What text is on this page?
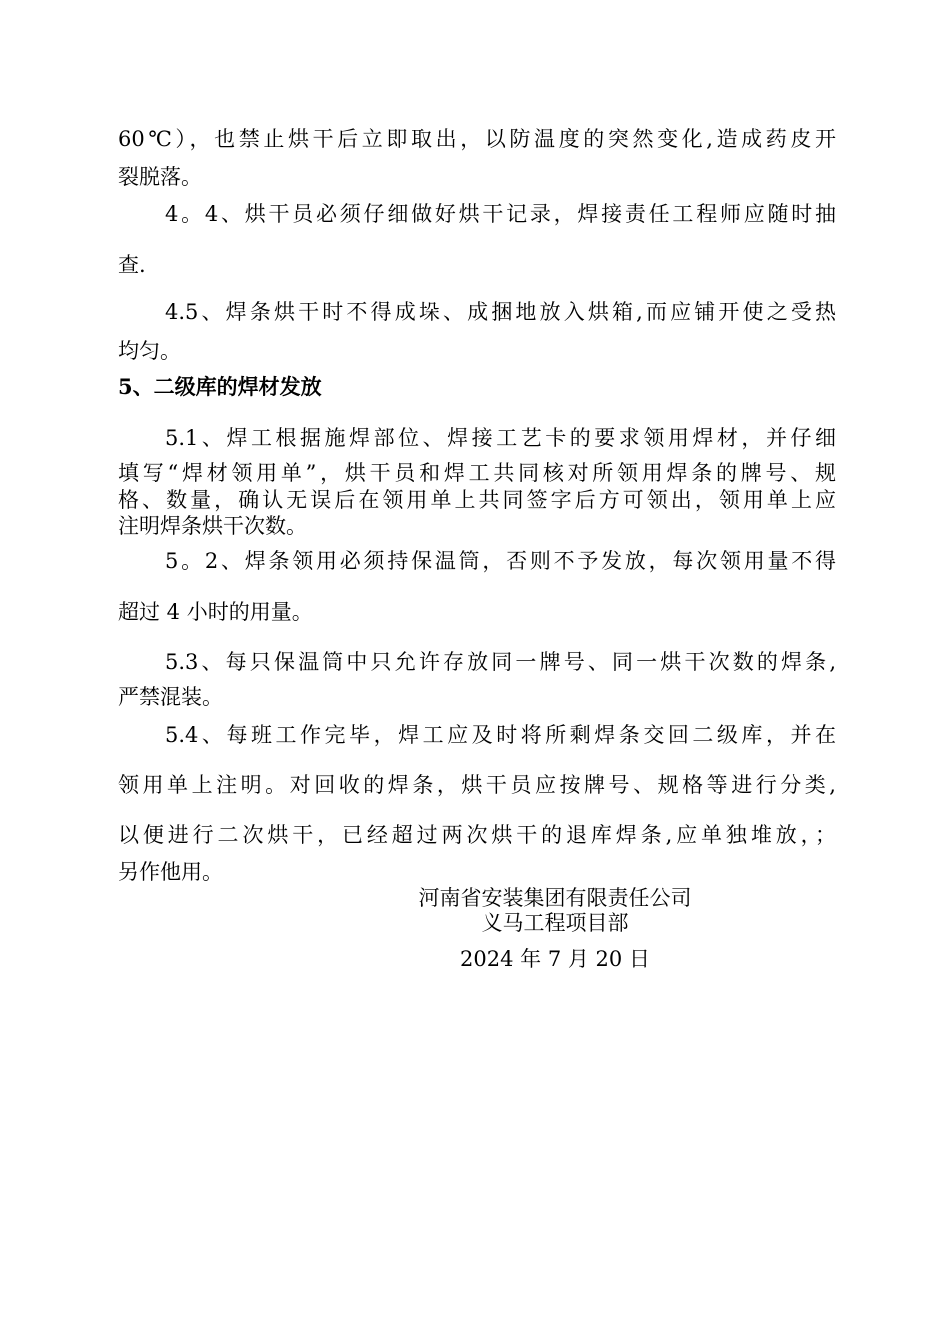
60℃），也禁止烘干后立即取出，以防温度的突然变化,造成药皮开
裂脱落。
4。4、烘干员必须仔细做好烘干记录，焊接责任工程师应随时抽
查.
4.5、焊条烘干时不得成垛、成捆地放入烘箱,而应铺开使之受热
均匀。
5、二级库的焊材发放
5.1、焊工根据施焊部位、焊接工艺卡的要求领用焊材，并仔细
填写“焊材领用单”，烘干员和焊工共同核对所领用焊条的牌号、规
格、数量，确认无误后在领用单上共同签字后方可领出，领用单上应
注明焊条烘干次数。
5。2、焊条领用必须持保温筒，否则不予发放，每次领用量不得
超过 4 小时的用量。
5.3、每只保温筒中只允许存放同一牌号、同一烘干次数的焊条,
严禁混装。
5.4、每班工作完毕，焊工应及时将所剩焊条交回二级库，并在
领用单上注明。对回收的焊条，烘干员应按牌号、规格等进行分类,
以便进行二次烘干，已经超过两次烘干的退库焊条,应单独堆放，；
另作他用。
河南省安装集团有限责任公司
义马工程项目部
2024 年 7 月 20 日
